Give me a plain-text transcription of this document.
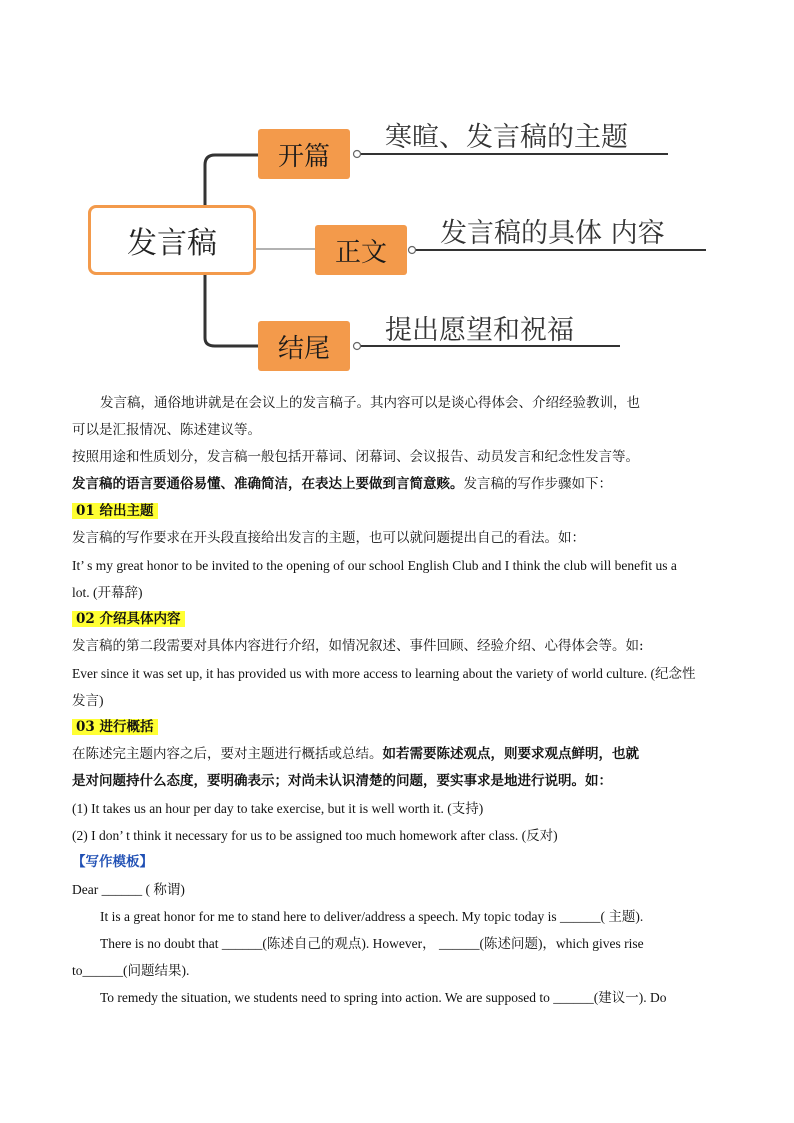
发言稿
开篇
正文
结尾
寒暄、发言稿的主题
发言稿的具体 内容
提出愿望和祝福

发言稿，通俗地讲就是在会议上的发言稿子。其内容可以是谈心得体会、介绍经验教训，也

可以是汇报情况、陈述建议等。

按照用途和性质划分，发言稿一般包括开幕词、闭幕词、会议报告、动员发言和纪念性发言等。

发言稿的语言要通俗易懂、准确简洁，在表达上要做到言简意赅。发言稿的写作步骤如下：

01 给出主题

发言稿的写作要求在开头段直接给出发言的主题，也可以就问题提出自己的看法。如：

It’ s my great honor to be invited to the opening of our school English Club and I think the club will benefit us a

lot. (开幕辞)

02 介绍具体内容

发言稿的第二段需要对具体内容进行介绍，如情况叙述、事件回顾、经验介绍、心得体会等。如:

Ever since it was set up, it has provided us with more access to learning about the variety of world culture. (纪念性

发言)

03 进行概括

在陈述完主题内容之后，要对主题进行概括或总结。如若需要陈述观点，则要求观点鲜明，也就

是对问题持什么态度，要明确表示；对尚未认识清楚的问题，要实事求是地进行说明。如：

(1) It takes us an hour per day to take exercise, but it is well worth it. (支持)

(2) I don’ t think it necessary for us to be assigned too much homework after class. (反对)

【写作模板】

Dear ______ ( 称谓)

It is a great honor for me to stand here to deliver/address a speech. My topic today is ______( 主题).

There is no doubt that ______(陈述自己的观点). However， ______(陈述问题)，which gives rise

to______(问题结果).

To remedy the situation, we students need to spring into action. We are supposed to ______(建议一). Do
